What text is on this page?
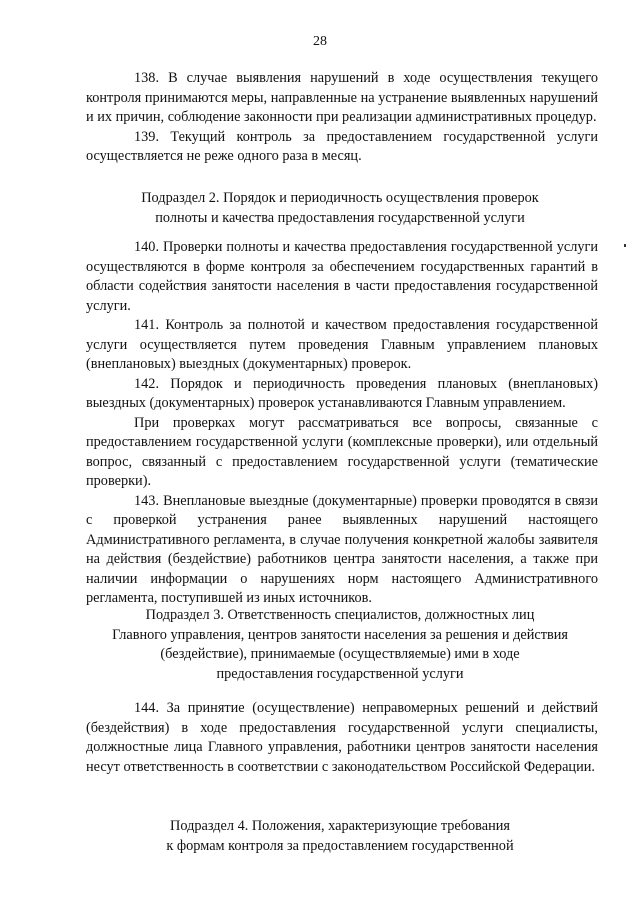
28

138. В случае выявления нарушений в ходе осуществления текущего контроля принимаются меры, направленные на устранение выявленных нарушений и их причин, соблюдение законности при реализации административных процедур.

139. Текущий контроль за предоставлением государственной услуги осуществляется не реже одного раза в месяц.

Подраздел 2. Порядок и периодичность осуществления проверок
полноты и качества предоставления государственной услуги

140. Проверки полноты и качества предоставления государственной услуги осуществляются в форме контроля за обеспечением государственных гарантий в области содействия занятости населения в части предоставления государственной услуги.

141. Контроль за полнотой и качеством предоставления государственной услуги осуществляется путем проведения Главным управлением плановых (внеплановых) выездных (документарных) проверок.

142. Порядок и периодичность проведения плановых (внеплановых) выездных (документарных) проверок устанавливаются Главным управлением.

При проверках могут рассматриваться все вопросы, связанные с предоставлением государственной услуги (комплексные проверки), или отдельный вопрос, связанный с предоставлением государственной услуги (тематические проверки).

143. Внеплановые выездные (документарные) проверки проводятся в связи с проверкой устранения ранее выявленных нарушений настоящего Административного регламента, в случае получения конкретной жалобы заявителя на действия (бездействие) работников центра занятости населения, а также при наличии информации о нарушениях норм настоящего Административного регламента, поступившей из иных источников.

Подраздел 3. Ответственность специалистов, должностных лиц
Главного управления, центров занятости населения за решения и действия
(бездействие), принимаемые (осуществляемые) ими в ходе
предоставления государственной услуги

144. За принятие (осуществление) неправомерных решений и действий (бездействия) в ходе предоставления государственной услуги специалисты, должностные лица Главного управления, работники центров занятости населения несут ответственность в соответствии с законодательством Российской Федерации.

Подраздел 4. Положения, характеризующие требования
к формам контроля за предоставлением государственной
